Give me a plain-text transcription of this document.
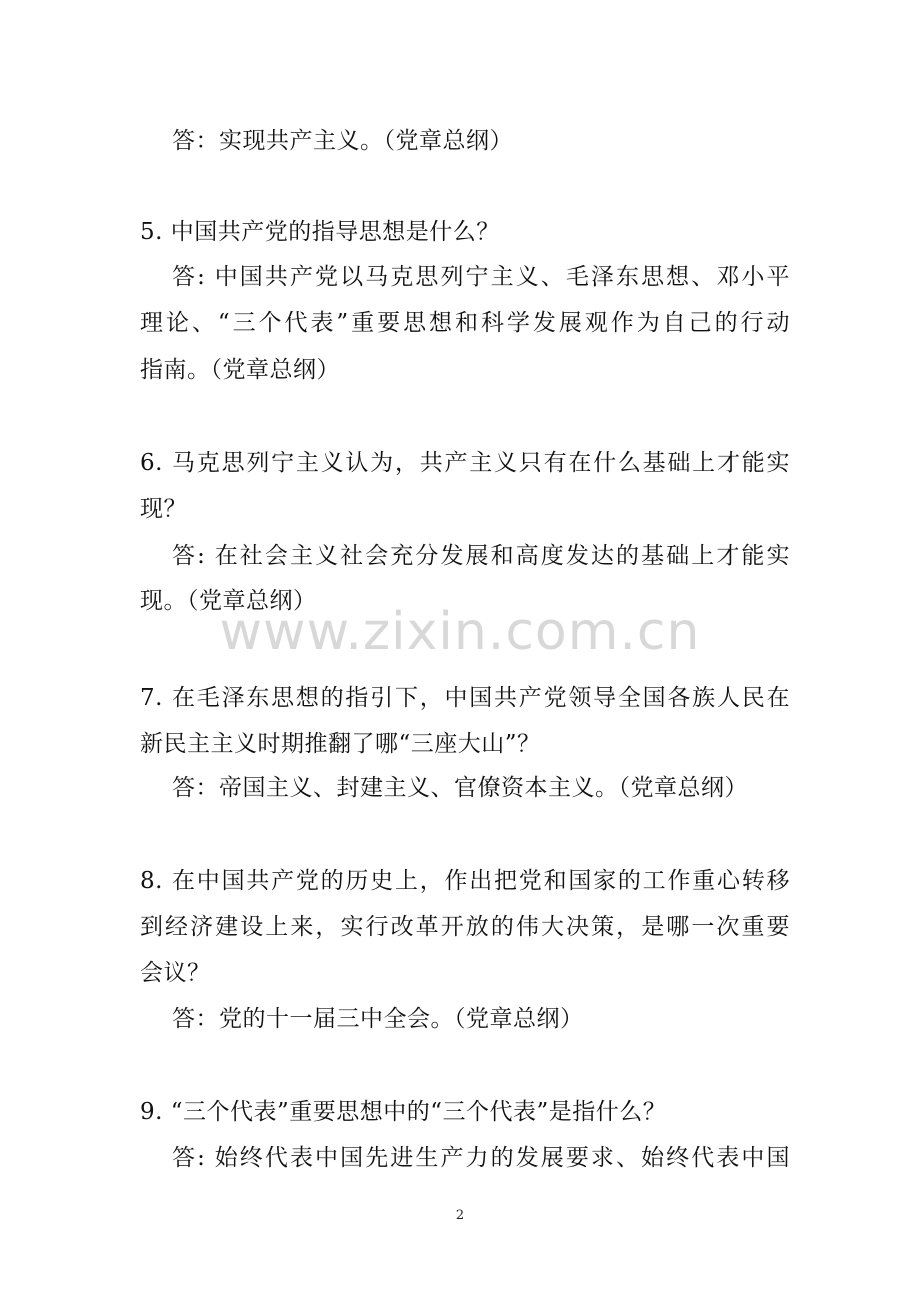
答：实现共产主义。（党章总纲）
5. 中国共产党的指导思想是什么？
答: 中国共产党以马克思列宁主义、毛泽东思想、邓小平
理论、“三个代表”重要思想和科学发展观作为自己的行动
指南。（党章总纲）
6. 马克思列宁主义认为，共产主义只有在什么基础上才能实
现？
答: 在社会主义社会充分发展和高度发达的基础上才能实
现。（党章总纲）
7. 在毛泽东思想的指引下，中国共产党领导全国各族人民在
新民主主义时期推翻了哪“三座大山”？
答：帝国主义、封建主义、官僚资本主义。（党章总纲）
8. 在中国共产党的历史上，作出把党和国家的工作重心转移
到经济建设上来，实行改革开放的伟大决策，是哪一次重要
会议？
答：党的十一届三中全会。（党章总纲）
9. “三个代表”重要思想中的“三个代表”是指什么？
答: 始终代表中国先进生产力的发展要求、始终代表中国
www.zixin.com.cn
2
